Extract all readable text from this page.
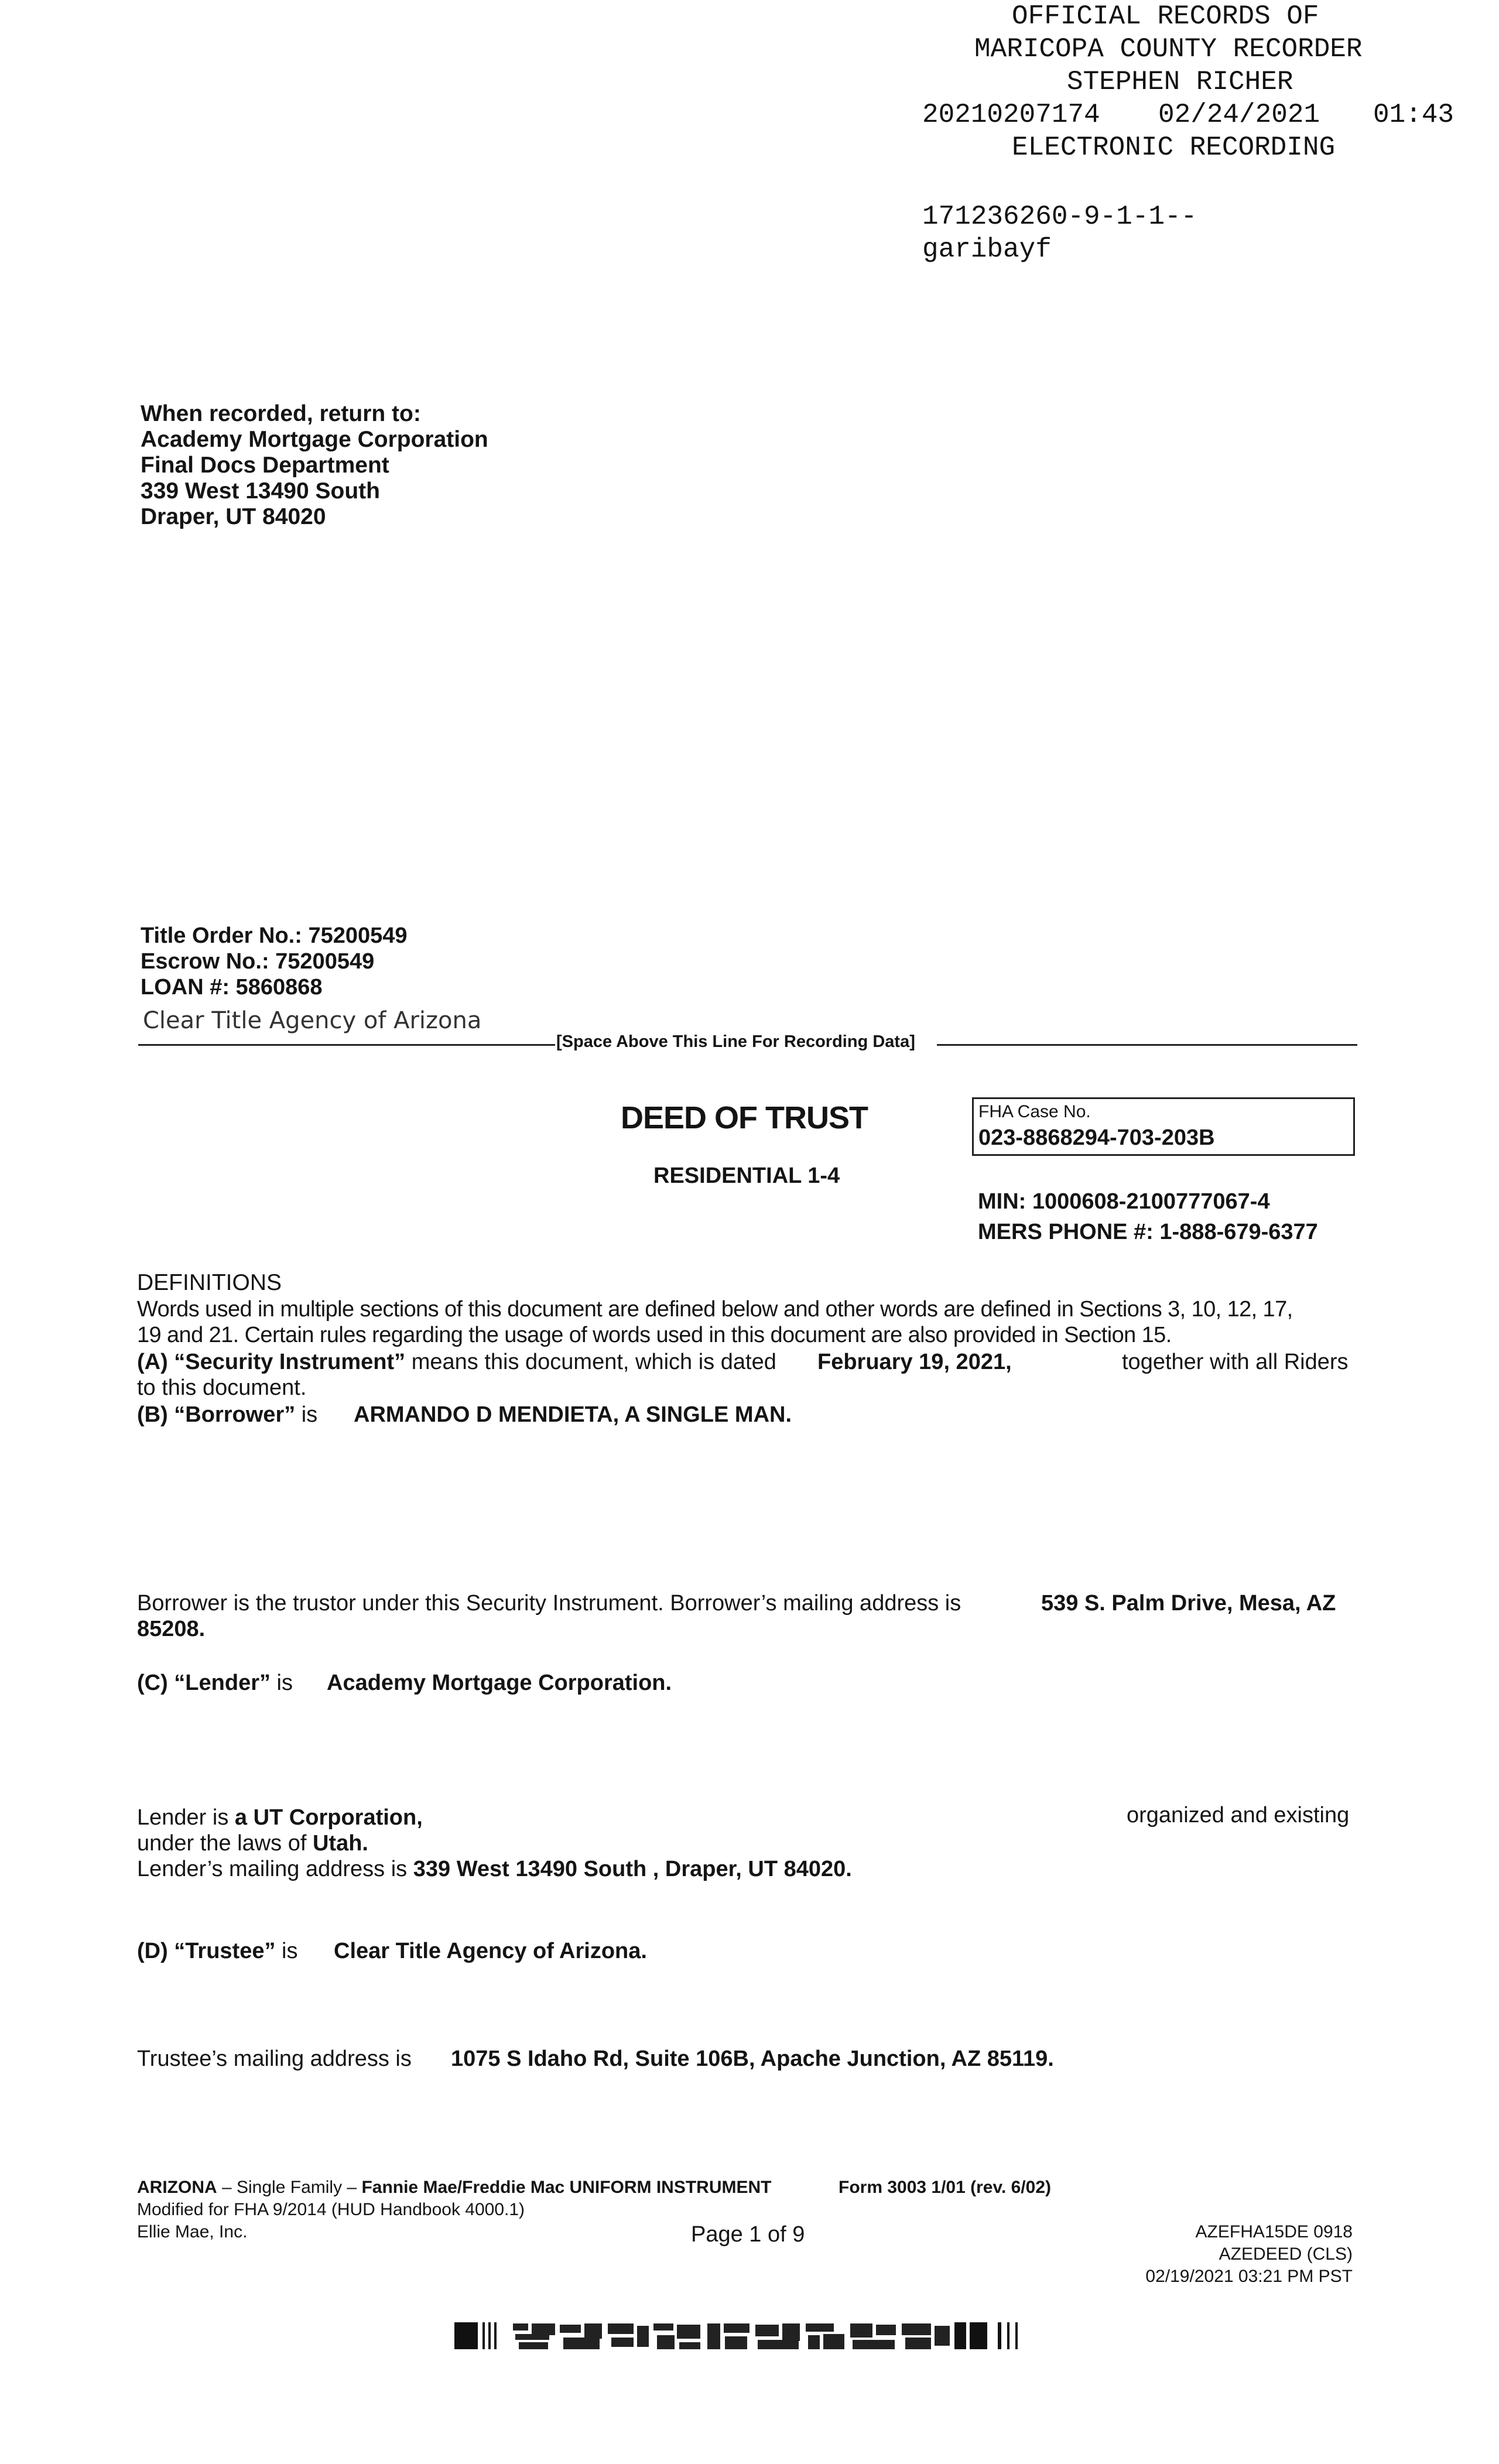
OFFICIAL RECORDS OF
MARICOPA COUNTY RECORDER
STEPHEN RICHER
20210207174 02/24/2021 01:43
ELECTRONIC RECORDING
171236260-9-1-1--
garibayf
When recorded, return to:
Academy Mortgage Corporation
Final Docs Department
339 West 13490 South
Draper, UT 84020
Title Order No.: 75200549
Escrow No.: 75200549
LOAN #: 5860868
Clear Title Agency of Arizona
[Space Above This Line For Recording Data]
DEED OF TRUST
RESIDENTIAL 1-4
FHA Case No.
023-8868294-703-203B
MIN: 1000608-2100777067-4
MERS PHONE #: 1-888-679-6377
DEFINITIONS
Words used in multiple sections of this document are defined below and other words are defined in Sections 3, 10, 12, 17,
19 and 21. Certain rules regarding the usage of words used in this document are also provided in Section 15.
(A) “Security Instrument” means this document, which is dated February 19, 2021,	together with all Riders
to this document.
(B) “Borrower” is ARMANDO D MENDIETA, A SINGLE MAN.
Borrower is the trustor under this Security Instrument. Borrower’s mailing address is	539 S. Palm Drive, Mesa, AZ
85208.
(C) “Lender” is Academy Mortgage Corporation.
Lender is a UT Corporation,	organized and existing
under the laws of Utah.
Lender’s mailing address is 339 West 13490 South , Draper, UT 84020.
(D) “Trustee” is Clear Title Agency of Arizona.
Trustee’s mailing address is 1075 S Idaho Rd, Suite 106B, Apache Junction, AZ 85119.
ARIZONA – Single Family – Fannie Mae/Freddie Mac UNIFORM INSTRUMENT	Form 3003 1/01 (rev. 6/02)
Modified for FHA 9/2014 (HUD Handbook 4000.1)
Ellie Mae, Inc.	Page 1 of 9	AZEFHA15DE 0918
AZEDEED (CLS)
02/19/2021 03:21 PM PST
